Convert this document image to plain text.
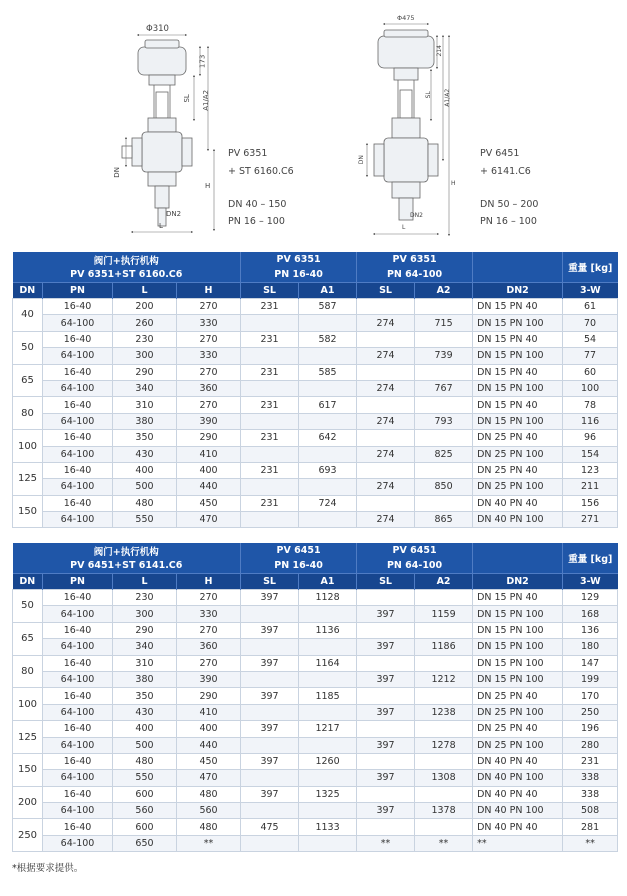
Φ310
173
SL A1/A2
DN
H
L
DN2
PV 6351
+ ST 6160.C6
DN 40 – 150
PN 16 – 100
Φ475
214
SL A1/A2
H
DN
L
DN2
PV 6451
+ 6141.C6
DN 50 – 200
PN 16 – 100
阀门+执行机构				PV 6351		PV 6351			重量 [kg]
PV 6351+ST 6160.C6				PN 16-40		PN 64-100			
DN	PN	L	H	SL	A1	SL	A2	DN2	3-W
40	16-40	200	270	231	587			DN 15 PN 40	61
	64-100	260	330			274	715	DN 15 PN 100	70
50	16-40	230	270	231	582			DN 15 PN 40	54
	64-100	300	330			274	739	DN 15 PN 100	77
65	16-40	290	270	231	585			DN 15 PN 40	60
	64-100	340	360			274	767	DN 15 PN 100	100
80	16-40	310	270	231	617			DN 15 PN 40	78
	64-100	380	390			274	793	DN 15 PN 100	116
100	16-40	350	290	231	642			DN 25 PN 40	96
	64-100	430	410			274	825	DN 25 PN 100	154
125	16-40	400	400	231	693			DN 25 PN 40	123
	64-100	500	440			274	850	DN 25 PN 100	211
150	16-40	480	450	231	724			DN 40 PN 40	156
	64-100	550	470			274	865	DN 40 PN 100	271
阀门+执行机构				PV 6451		PV 6451			重量 [kg]
PV 6451+ST 6141.C6				PN 16-40		PN 64-100			
DN	PN	L	H	SL	A1	SL	A2	DN2	3-W
50	16-40	230	270	397	1128			DN 15 PN 40	129
	64-100	300	330			397	1159	DN 15 PN 100	168
65	16-40	290	270	397	1136			DN 15 PN 100	136
	64-100	340	360			397	1186	DN 15 PN 100	180
80	16-40	310	270	397	1164			DN 15 PN 100	147
	64-100	380	390			397	1212	DN 15 PN 100	199
100	16-40	350	290	397	1185			DN 25 PN 40	170
	64-100	430	410			397	1238	DN 25 PN 100	250
125	16-40	400	400	397	1217			DN 25 PN 40	196
	64-100	500	440			397	1278	DN 25 PN 100	280
150	16-40	480	450	397	1260			DN 40 PN 40	231
	64-100	550	470			397	1308	DN 40 PN 100	338
200	16-40	600	480	397	1325			DN 40 PN 40	338
	64-100	560	560			397	1378	DN 40 PN 100	508
250	16-40	600	480	475	1133			DN 40 PN 40	281
	64-100	650	**			**	**	**	**
*根据要求提供。
